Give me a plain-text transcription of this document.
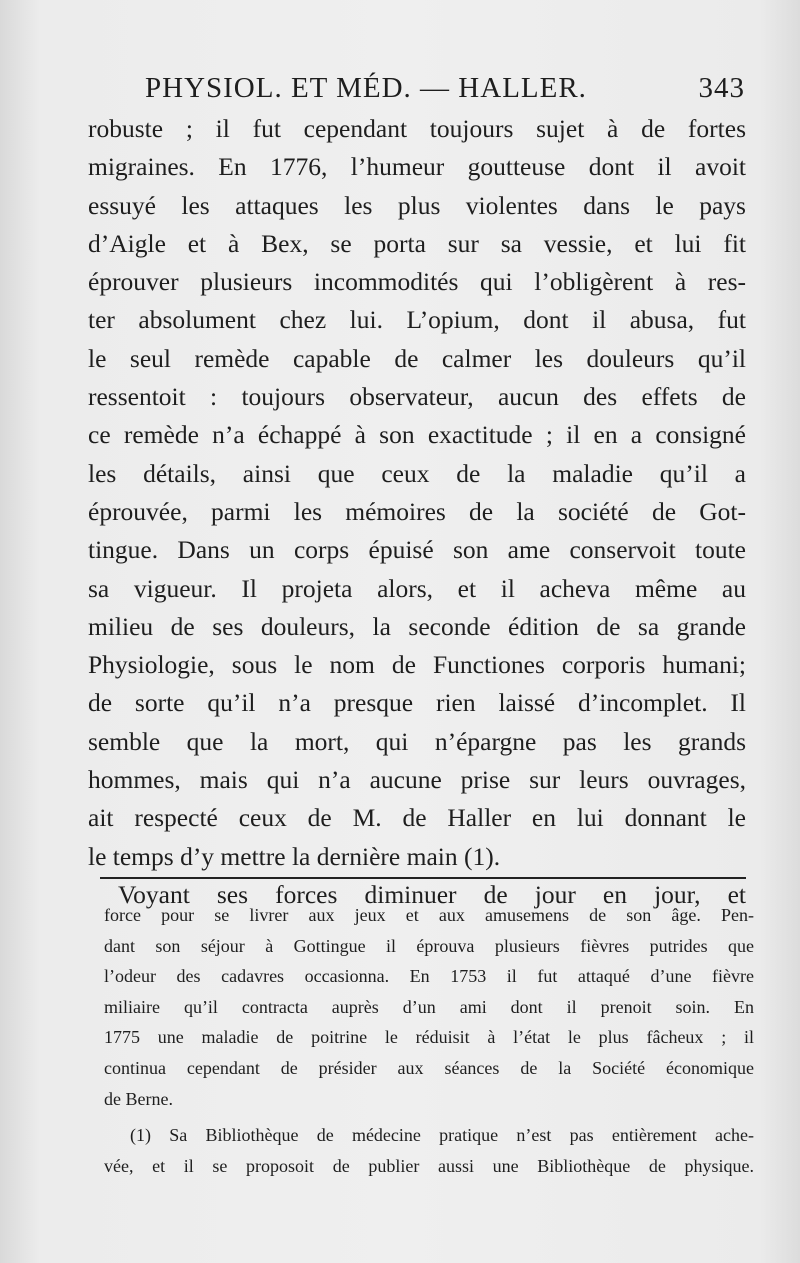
PHYSIOL. ET MÉD. — HALLER.	343
robuste ; il fut cependant toujours sujet à de fortes
migraines. En 1776, l’humeur goutteuse dont il avoit
essuyé les attaques les plus violentes dans le pays
d’Aigle et à Bex, se porta sur sa vessie, et lui fit
éprouver plusieurs incommodités qui l’obligèrent à res-
ter absolument chez lui. L’opium, dont il abusa, fut
le seul remède capable de calmer les douleurs qu’il
ressentoit : toujours observateur, aucun des effets de
ce remède n’a échappé à son exactitude ; il en a consigné
les détails, ainsi que ceux de la maladie qu’il a
éprouvée, parmi les mémoires de la société de Got-
tingue. Dans un corps épuisé son ame conservoit toute
sa vigueur. Il projeta alors, et il acheva même au
milieu de ses douleurs, la seconde édition de sa grande
Physiologie, sous le nom de Functiones corporis humani;
de sorte qu’il n’a presque rien laissé d’incomplet. Il
semble que la mort, qui n’épargne pas les grands
hommes, mais qui n’a aucune prise sur leurs ouvrages,
ait respecté ceux de M. de Haller en lui donnant le
le temps d’y mettre la dernière main (1).
Voyant ses forces diminuer de jour en jour, et
force pour se livrer aux jeux et aux amusemens de son âge. Pen-
dant son séjour à Gottingue il éprouva plusieurs fièvres putrides que
l’odeur des cadavres occasionna. En 1753 il fut attaqué d’une fièvre
miliaire qu’il contracta auprès d’un ami dont il prenoit soin. En
1775 une maladie de poitrine le réduisit à l’état le plus fâcheux ; il
continua cependant de présider aux séances de la Société économique
de Berne.
(1) Sa Bibliothèque de médecine pratique n’est pas entièrement ache-
vée, et il se proposoit de publier aussi une Bibliothèque de physique.
